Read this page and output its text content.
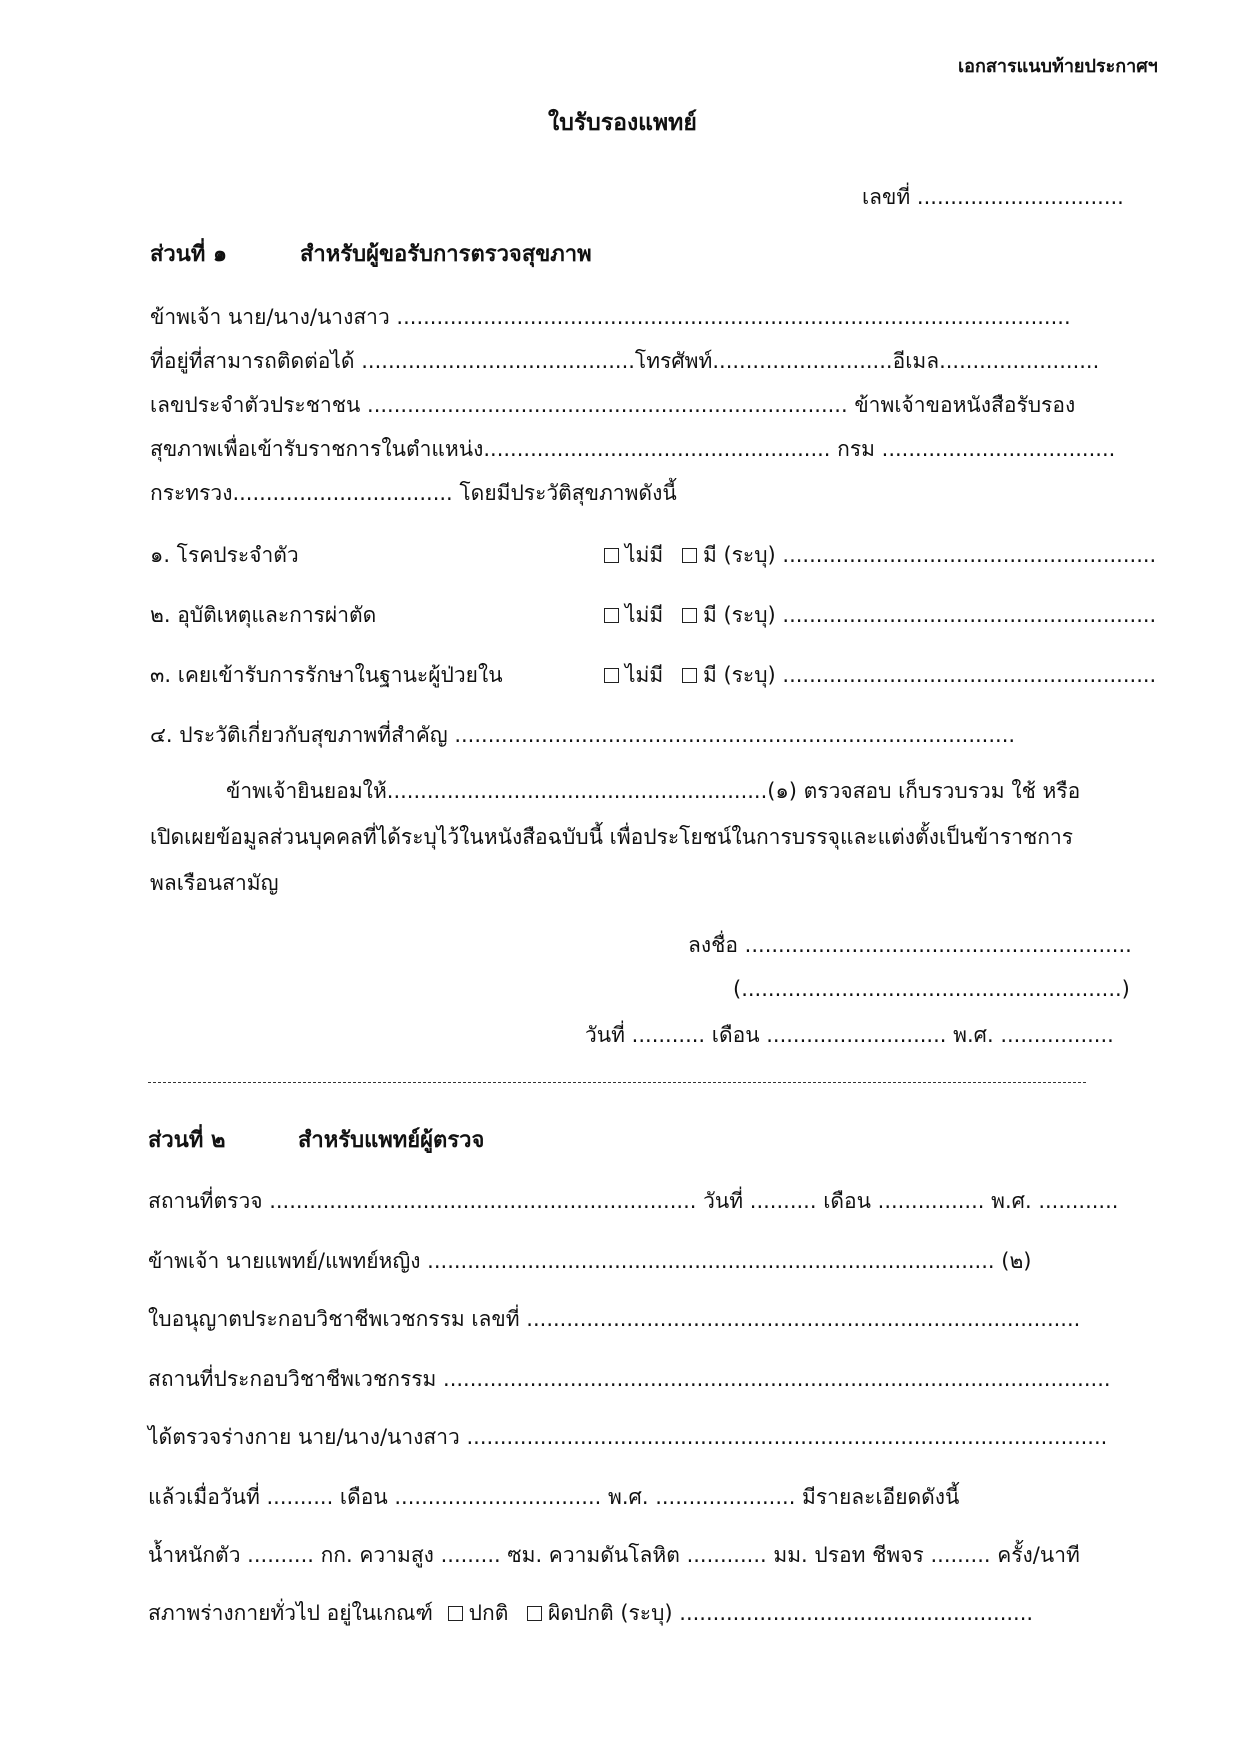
เอกสารแนบท้ายประกาศฯ
ใบรับรองแพทย์
เลขที่ ...............................
ส่วนที่ ๑	สำหรับผู้ขอรับการตรวจสุขภาพ
ข้าพเจ้า นาย/นาง/นางสาว .....................................................................................................
ที่อยู่ที่สามารถติดต่อได้ .........................................โทรศัพท์...........................อีเมล........................
เลขประจำตัวประชาชน ........................................................................ ข้าพเจ้าขอหนังสือรับรอง
สุขภาพเพื่อเข้ารับราชการในตำแหน่ง.................................................... กรม ...................................
กระทรวง................................. โดยมีประวัติสุขภาพดังนี้
๑. โรคประจำตัว	ไม่มี มี (ระบุ) ........................................................
๒. อุบัติเหตุและการผ่าตัด	ไม่มี มี (ระบุ) ........................................................
๓. เคยเข้ารับการรักษาในฐานะผู้ป่วยใน	ไม่มี มี (ระบุ) ........................................................
๔. ประวัติเกี่ยวกับสุขภาพที่สำคัญ ....................................................................................
ข้าพเจ้ายินยอมให้.........................................................(๑) ตรวจสอบ เก็บรวบรวม ใช้ หรือ
เปิดเผยข้อมูลส่วนบุคคลที่ได้ระบุไว้ในหนังสือฉบับนี้ เพื่อประโยชน์ในการบรรจุและแต่งตั้งเป็นข้าราชการ
พลเรือนสามัญ
ลงชื่อ ..........................................................
(.........................................................)
วันที่ ........... เดือน ........................... พ.ศ. .................
ส่วนที่ ๒	สำหรับแพทย์ผู้ตรวจ
สถานที่ตรวจ ................................................................ วันที่ .......... เดือน ................ พ.ศ. ............
ข้าพเจ้า นายแพทย์/แพทย์หญิง ..................................................................................... (๒)
ใบอนุญาตประกอบวิชาชีพเวชกรรม เลขที่ ...................................................................................
สถานที่ประกอบวิชาชีพเวชกรรม ....................................................................................................
ได้ตรวจร่างกาย นาย/นาง/นางสาว ................................................................................................
แล้วเมื่อวันที่ .......... เดือน ............................... พ.ศ. ..................... มีรายละเอียดดังนี้
น้ำหนักตัว .......... กก. ความสูง ......... ซม. ความดันโลหิต ............ มม. ปรอท ชีพจร ......... ครั้ง/นาที
สภาพร่างกายทั่วไป อยู่ในเกณฑ์ ปกติ ผิดปกติ (ระบุ) .....................................................
